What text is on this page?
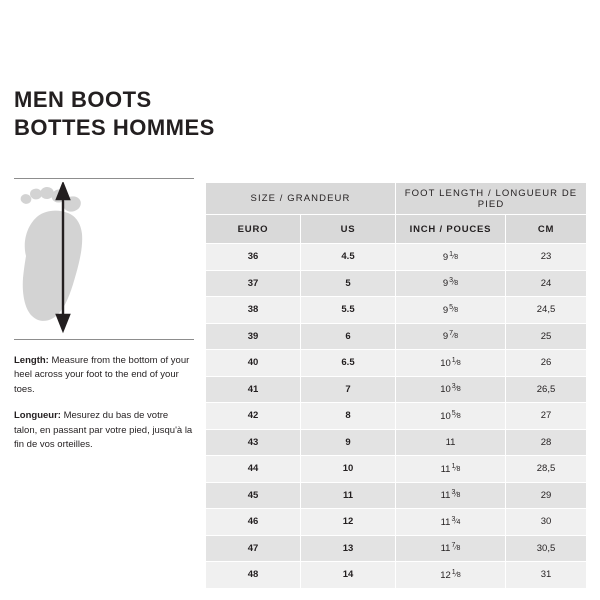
MEN BOOTS
BOTTES HOMMES
Length: Measure from the bottom of your heel across your foot to the end of your toes.
Longueur: Mesurez du bas de votre talon, en passant par votre pied, jusqu'à la fin de vos orteilles.
SIZE / GRANDEUR		FOOT LENGTH / LONGUEUR DE PIED	
EURO	US	INCH / POUCES	CM
36	4.5	$9^1⁄_8$	23
37	5	$9^3⁄_8$	24
38	5.5	$9^5⁄_8$	24,5
39	6	$9^7⁄_8$	25
40	6.5	$10^1⁄_8$	26
41	7	$10^3⁄_8$	26,5
42	8	$10^5⁄_8$	27
43	9	11	28
44	10	$11^1⁄_8$	28,5
45	11	$11^3⁄_8$	29
46	12	$11^3⁄_4$	30
47	13	$11^7⁄_8$	30,5
48	14	$12^1⁄_8$	31
